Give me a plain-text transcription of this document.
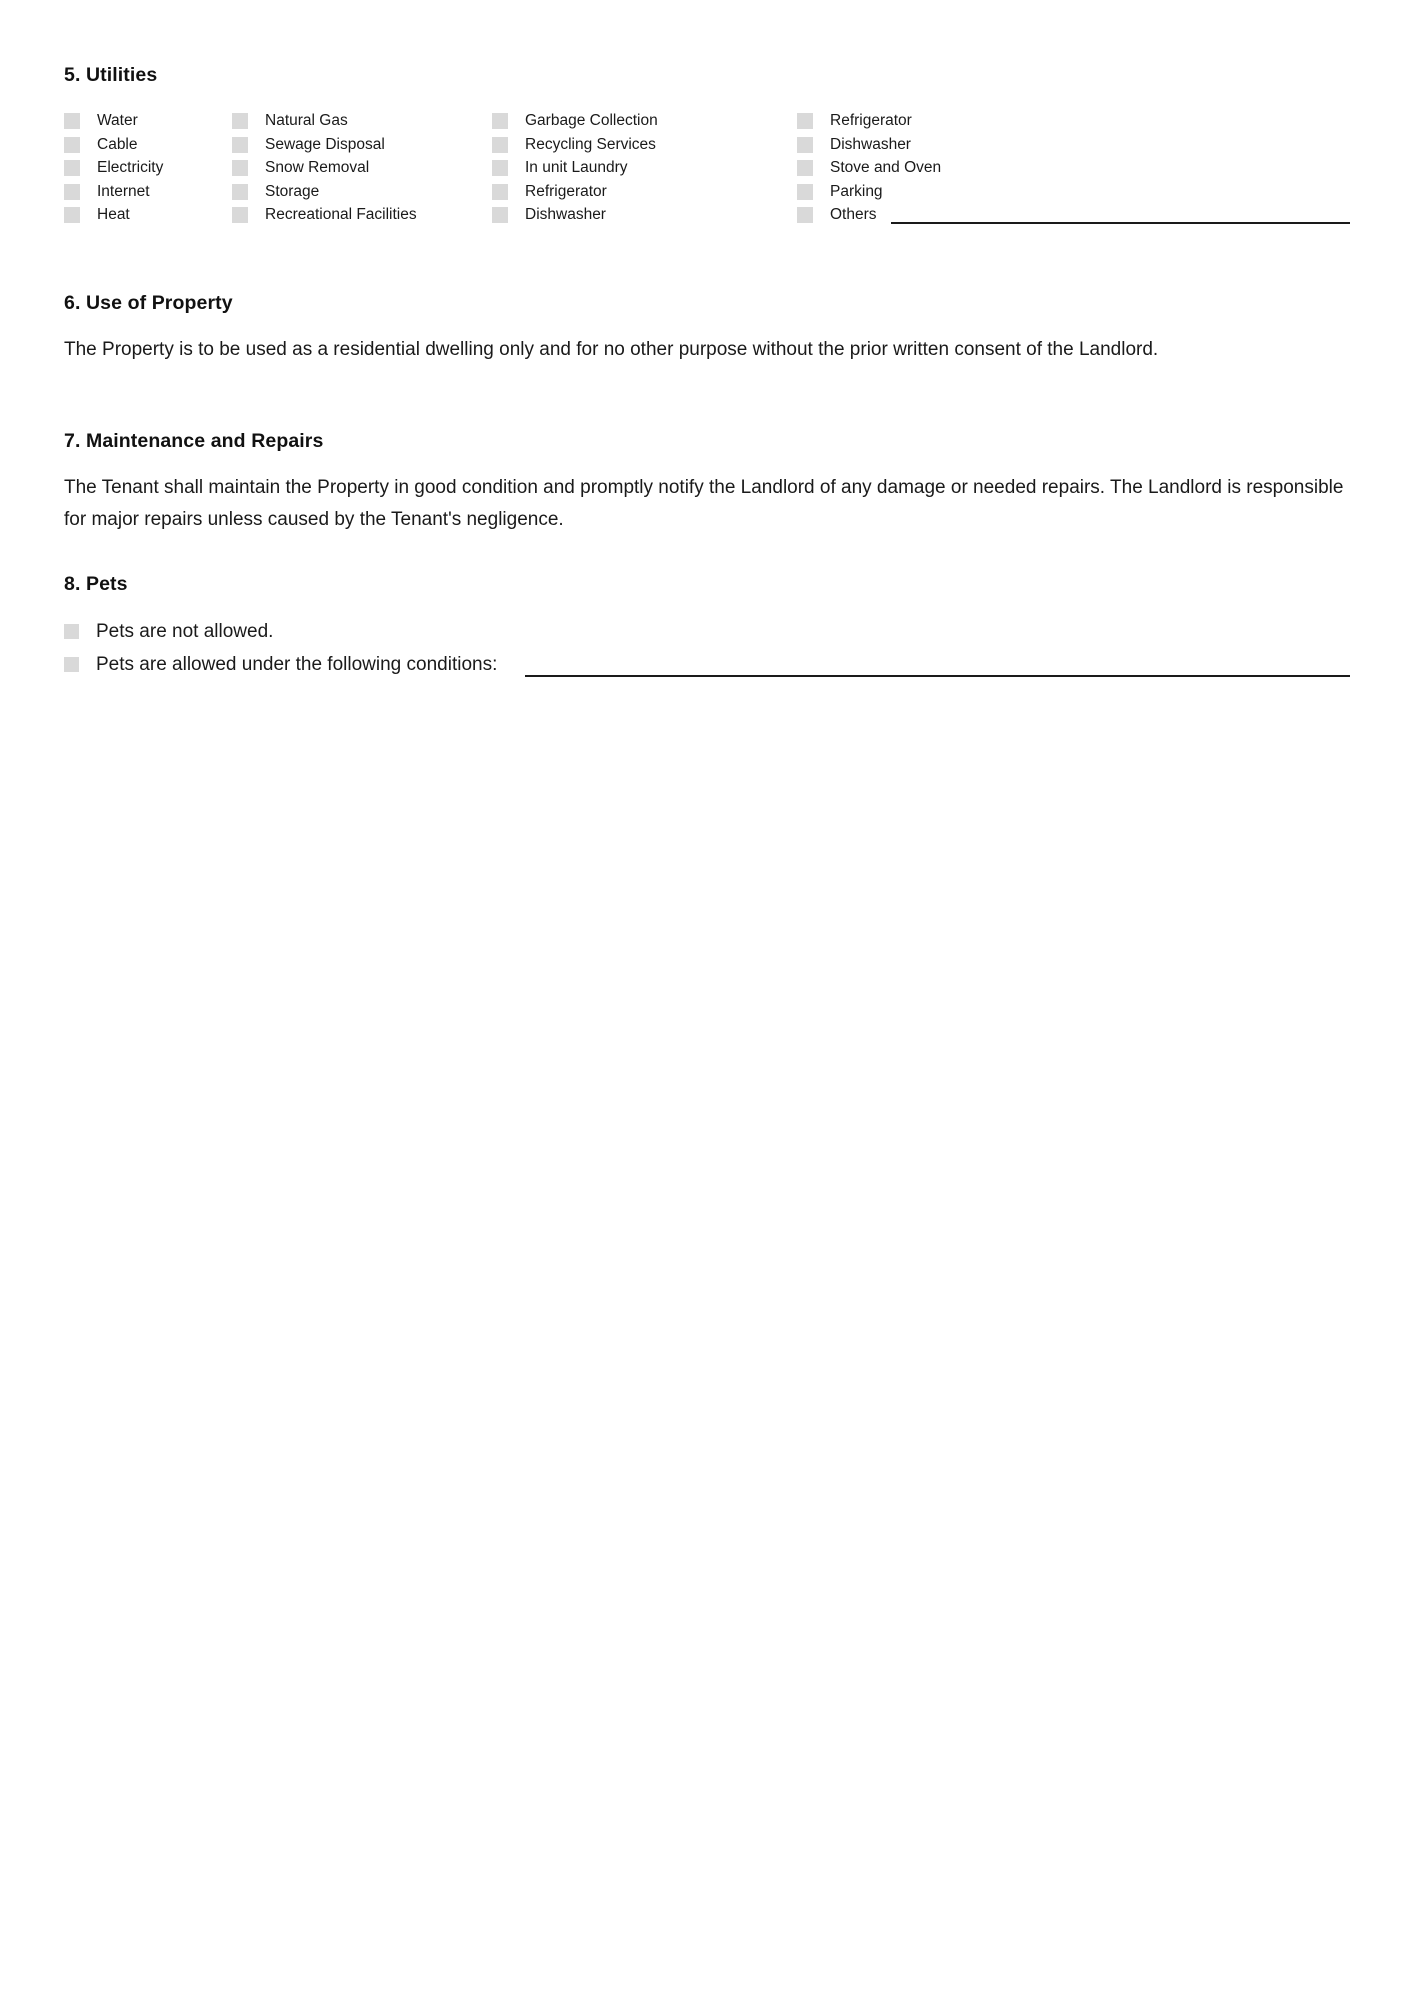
5. Utilities
Water	Natural Gas	Garbage Collection	Refrigerator
Cable	Sewage Disposal	Recycling Services	Dishwasher
Electricity	Snow Removal	In unit Laundry	Stove and Oven
Internet	Storage	Refrigerator	Parking
Heat	Recreational Facilities	Dishwasher	Others
6. Use of Property
The Property is to be used as a residential dwelling only and for no other purpose without the prior written consent of the Landlord.
7. Maintenance and Repairs
The Tenant shall maintain the Property in good condition and promptly notify the Landlord of any damage or needed repairs. The Landlord is responsible for major repairs unless caused by the Tenant's negligence.
8. Pets
Pets are not allowed.
Pets are allowed under the following conditions:
